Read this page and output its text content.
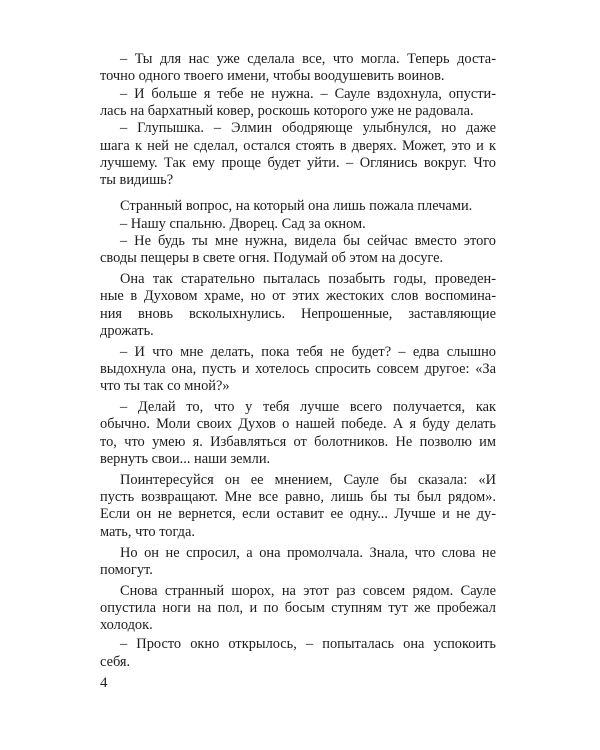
– Ты для нас уже сделала все, что могла. Теперь доста-
точно одного твоего имени, чтобы воодушевить воинов.
– И больше я тебе не нужна. – Сауле вздохнула, опусти-
лась на бархатный ковер, роскошь которого уже не радовала.
– Глупышка. – Элмин ободряюще улыбнулся, но даже
шага к ней не сделал, остался стоять в дверях. Может, это и к
лучшему. Так ему проще будет уйти. – Оглянись вокруг. Что
ты видишь?
Странный вопрос, на который она лишь пожала плечами.
– Нашу спальню. Дворец. Сад за окном.
– Не будь ты мне нужна, видела бы сейчас вместо этого
своды пещеры в свете огня. Подумай об этом на досуге.
Она так старательно пыталась позабыть годы, проведен-
ные в Духовом храме, но от этих жестоких слов воспомина-
ния вновь всколыхнулись. Непрошенные, заставляющие
дрожать.
– И что мне делать, пока тебя не будет? – едва слышно
выдохнула она, пусть и хотелось спросить совсем другое: «За
что ты так со мной?»
– Делай то, что у тебя лучше всего получается, как
обычно. Моли своих Духов о нашей победе. А я буду делать
то, что умею я. Избавляться от болотников. Не позволю им
вернуть свои... наши земли.
Поинтересуйся он ее мнением, Сауле бы сказала: «И
пусть возвращают. Мне все равно, лишь бы ты был рядом».
Если он не вернется, если оставит ее одну... Лучше и не ду-
мать, что тогда.
Но он не спросил, а она промолчала. Знала, что слова не
помогут.
Снова странный шорох, на этот раз совсем рядом. Сауле
опустила ноги на пол, и по босым ступням тут же пробежал
холодок.
– Просто окно открылось, – попыталась она успокоить
себя.
4
